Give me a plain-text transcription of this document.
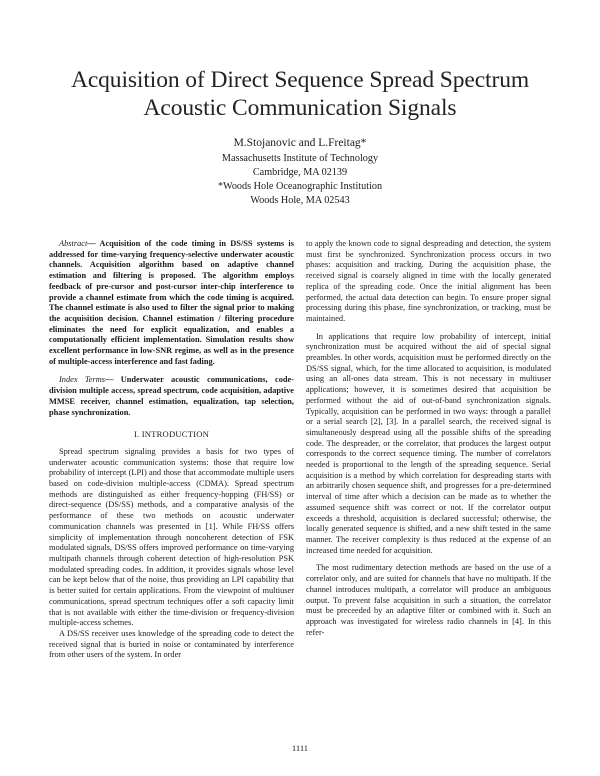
Acquisition of Direct Sequence Spread Spectrum
Acoustic Communication Signals
M.Stojanovic and L.Freitag*
Massachusetts Institute of Technology
Cambridge, MA 02139
*Woods Hole Oceanographic Institution
Woods Hole, MA 02543

Abstract— Acquisition of the code timing in DS/SS systems is addressed for time-varying frequency-selective underwater acoustic channels. Acquisition algorithm based on adaptive channel estimation and filtering is proposed. The algorithm employs feedback of pre-cursor and post-cursor inter-chip interference to provide a channel estimate from which the code timing is acquired. The channel estimate is also used to filter the signal prior to making the acquisition decision. Channel estimation / filtering procedure eliminates the need for explicit equalization, and enables a computationally efficient implementation. Simulation results show excellent performance in low-SNR regime, as well as in the presence of multiple-access interference and fast fading.

Index Terms— Underwater acoustic communications, code-division multiple access, spread spectrum, code acquisition, adaptive MMSE receiver, channel estimation, equalization, tap selection, phase synchronization.

I. INTRODUCTION

Spread spectrum signaling provides a basis for two types of underwater acoustic communication systems: those that require low probability of intercept (LPI) and those that accommodate multiple users based on code-division multiple-access (CDMA). Spread spectrum methods are distinguished as either frequency-hopping (FH/SS) or direct-sequence (DS/SS) methods, and a comparative analysis of the performance of these two methods on acoustic underwater communication channels was presented in [1]. While FH/SS offers simplicity of implementation through noncoherent detection of FSK modulated signals, DS/SS offers improved performance on time-varying multipath channels through coherent detection of high-resolution PSK modulated spreading codes. In addition, it provides signals whose level can be kept below that of the noise, thus providing an LPI capability that is better suited for certain applications. From the viewpoint of multiuser communications, spread spectrum techniques offer a soft capacity limit that is not available with either the time-division or frequency-division multiple-access schemes.

A DS/SS receiver uses knowledge of the spreading code to detect the received signal that is buried in noise or contaminated by interference from other users of the system. In order

to apply the known code to signal despreading and detection, the system must first be synchronized. Synchronization process occurs in two phases: acquisition and tracking. During the acquisition phase, the received signal is coarsely aligned in time with the locally generated replica of the spreading code. Once the initial alignment has been performed, the actual data detection can begin. To ensure proper signal processing during this phase, fine synchronization, or tracking, must be maintained.

In applications that require low probability of intercept, initial synchronization must be acquired without the aid of special signal preambles. In other words, acquisition must be performed directly on the DS/SS signal, which, for the time allocated to acquisition, is modulated using an all-ones data stream. This is not necessary in multiuser applications; however, it is sometimes desired that acquisition be performed without the aid of out-of-band synchronization signals. Typically, acquisition can be performed in two ways: through a parallel or a serial search [2], [3]. In a parallel search, the received signal is simultaneously despread using all the possible shifts of the spreading code. The despreader, or the correlator, that produces the largest output corresponds to the correct sequence timing. The number of correlators needed is proportional to the length of the spreading sequence. Serial acquisition is a method by which correlation for despreading starts with an arbitrarily chosen sequence shift, and progresses for a pre-determined interval of time after which a decision can be made as to whether the assumed sequence shift was correct or not. If the correlator output exceeds a threshold, acquisition is declared successful; otherwise, the locally generated sequence is shifted, and a new shift tested in the same manner. The receiver complexity is thus reduced at the expense of an increased time needed for acquisition.

The most rudimentary detection methods are based on the use of a correlator only, and are suited for channels that have no multipath. If the channel introduces multipath, a correlator will produce an ambiguous output. To prevent false acquisition in such a situation, the correlator must be preceeded by an adaptive filter or combined with it. Such an approach was investigated for wireless radio channels in [4]. In this refer-

1111
